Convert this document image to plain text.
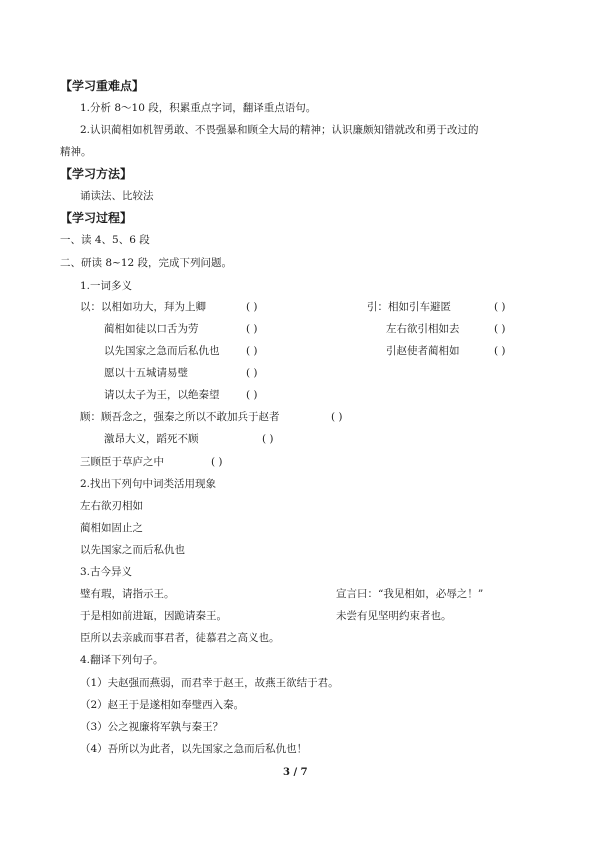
【学习重难点】
1.分析 8～10 段，积累重点字词，翻译重点语句。
2.认识蔺相如机智勇敢、不畏强暴和顾全大局的精神；认识廉颇知错就改和勇于改过的
精神。
【学习方法】
诵读法、比较法
【学习过程】
一、读 4、5、6 段
二、研读 8~12 段，完成下列问题。
1.一词多义
以：以相如功大，拜为上卿	( )	引：相如引车避匿	( )
蔺相如徒以口舌为劳	( )	左右欲引相如去	( )
以先国家之急而后私仇也	( )	引赵使者蔺相如	( )
愿以十五城请易璧	( )
请以太子为王，以绝秦望	( )
顾：顾吾念之，强秦之所以不敢加兵于赵者	( )
激昂大义，蹈死不顾	( )
三顾臣于草庐之中	( )
2.找出下列句中词类活用现象
左右欲刃相如
蔺相如固止之
以先国家之而后私仇也
3.古今异义
璧有瑕，请指示王。	宣言曰：“我见相如，必辱之！”
于是相如前进缻，因跪请秦王。	未尝有见坚明约束者也。
臣所以去亲戚而事君者，徒慕君之高义也。
4.翻译下列句子。
（1）夫赵强而燕弱，而君幸于赵王，故燕王欲结于君。
（2）赵王于是遂相如奉璧西入秦。
（3）公之视廉将军孰与秦王？
（4）吾所以为此者，以先国家之急而后私仇也！
3 / 7
